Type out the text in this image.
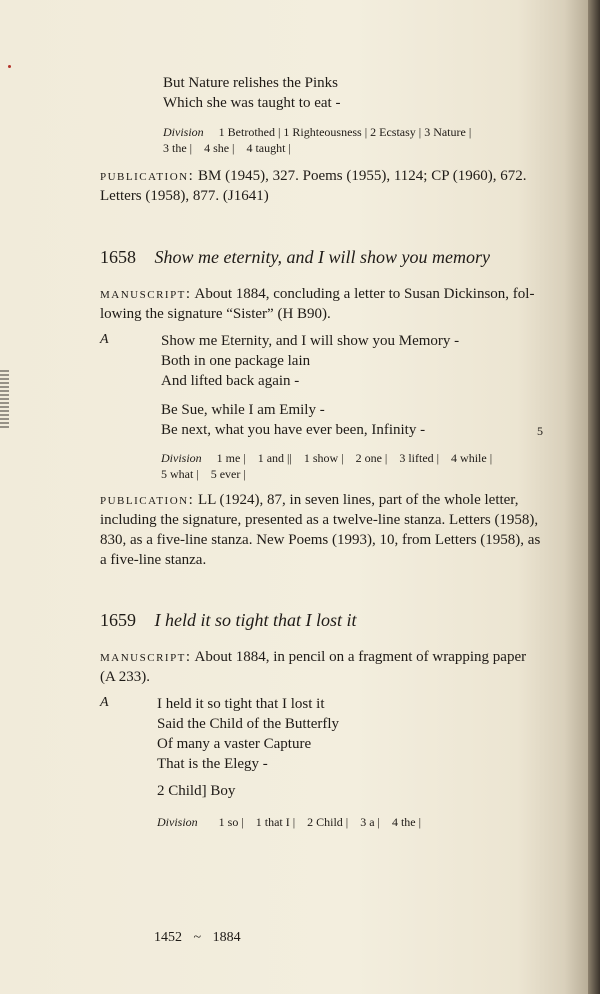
But Nature relishes the Pinks
Which she was taught to eat -
Division 1 Betrothed | 1 Righteousness | 2 Ecstasy | 3 Nature |
3 the |    4 she |    4 taught |
publication: BM (1945), 327. Poems (1955), 1124; CP (1960), 672.
Letters (1958), 877. (J1641)
1658 Show me eternity, and I will show you memory
manuscript: About 1884, concluding a letter to Susan Dickinson, fol-
lowing the signature “Sister” (H B90).
A	Show me Eternity, and I will show you Memory -
Both in one package lain
And lifted back again -
Be Sue, while I am Emily -
Be next, what you have ever been, Infinity -	5
Division 1 me |    1 and ||    1 show |    2 one |    3 lifted |    4 while |
5 what |    5 ever |
publication: LL (1924), 87, in seven lines, part of the whole letter,
including the signature, presented as a twelve-line stanza. Letters (1958),
830, as a five-line stanza. New Poems (1993), 10, from Letters (1958), as
a five-line stanza.
1659 I held it so tight that I lost it
manuscript: About 1884, in pencil on a fragment of wrapping paper
(A 233).
A	I held it so tight that I lost it
Said the Child of the Butterfly
Of many a vaster Capture
That is the Elegy -
2 Child] Boy
Division 1 so |    1 that I |    2 Child |    3 a |    4 the |
1452 ~ 1884
